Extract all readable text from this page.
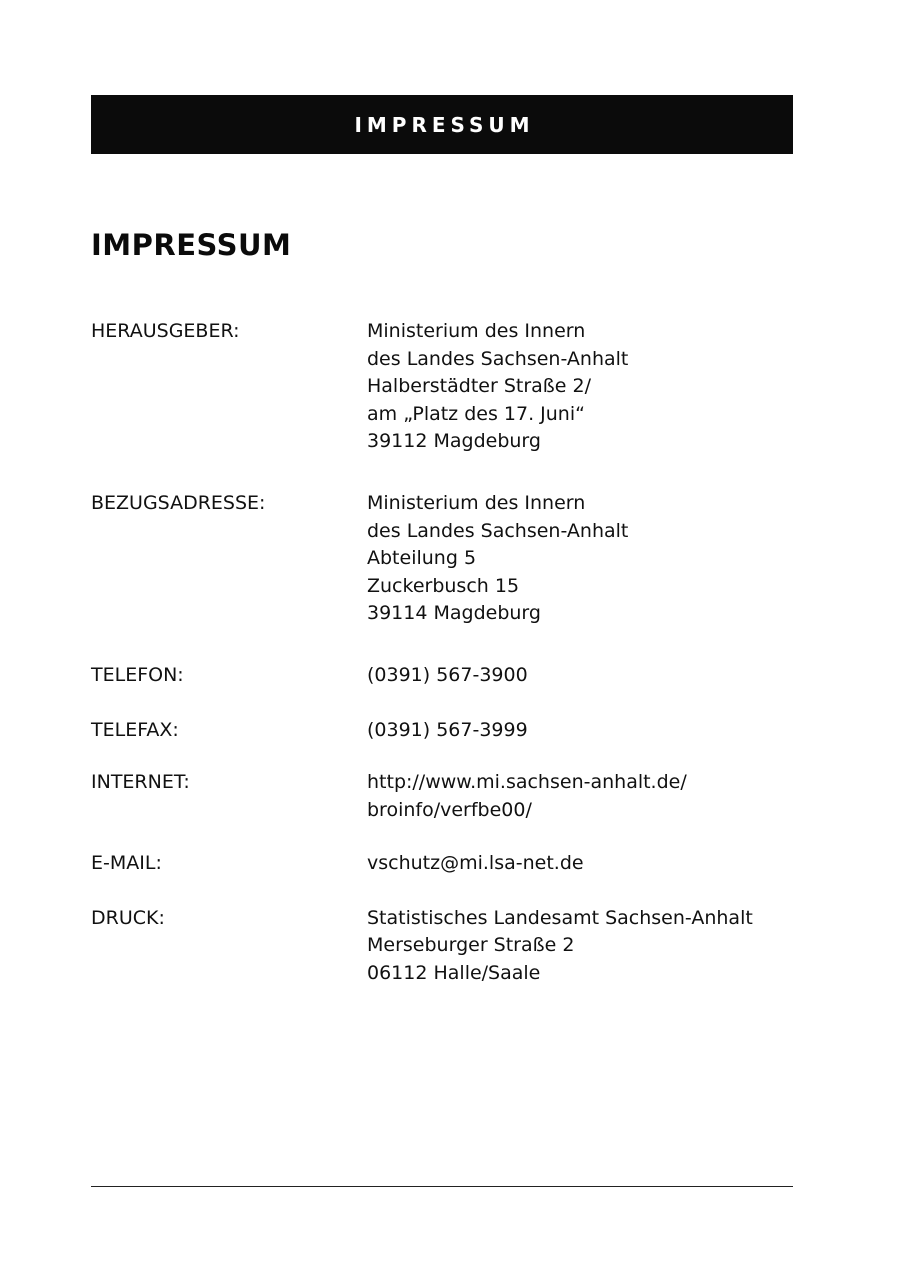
IMPRESSUM
IMPRESSUM
HERAUSGEBER:	Ministerium des Innern
des Landes Sachsen-Anhalt
Halberstädter Straße 2/
am „Platz des 17. Juni“
39112 Magdeburg
BEZUGSADRESSE:	Ministerium des Innern
des Landes Sachsen-Anhalt
Abteilung 5
Zuckerbusch 15
39114 Magdeburg
TELEFON:	(0391) 567-3900
TELEFAX:	(0391) 567-3999
INTERNET:	http://www.mi.sachsen-anhalt.de/
broinfo/verfbe00/
E-MAIL:	vschutz@mi.lsa-net.de
DRUCK:	Statistisches Landesamt Sachsen-Anhalt
Merseburger Straße 2
06112 Halle/Saale
